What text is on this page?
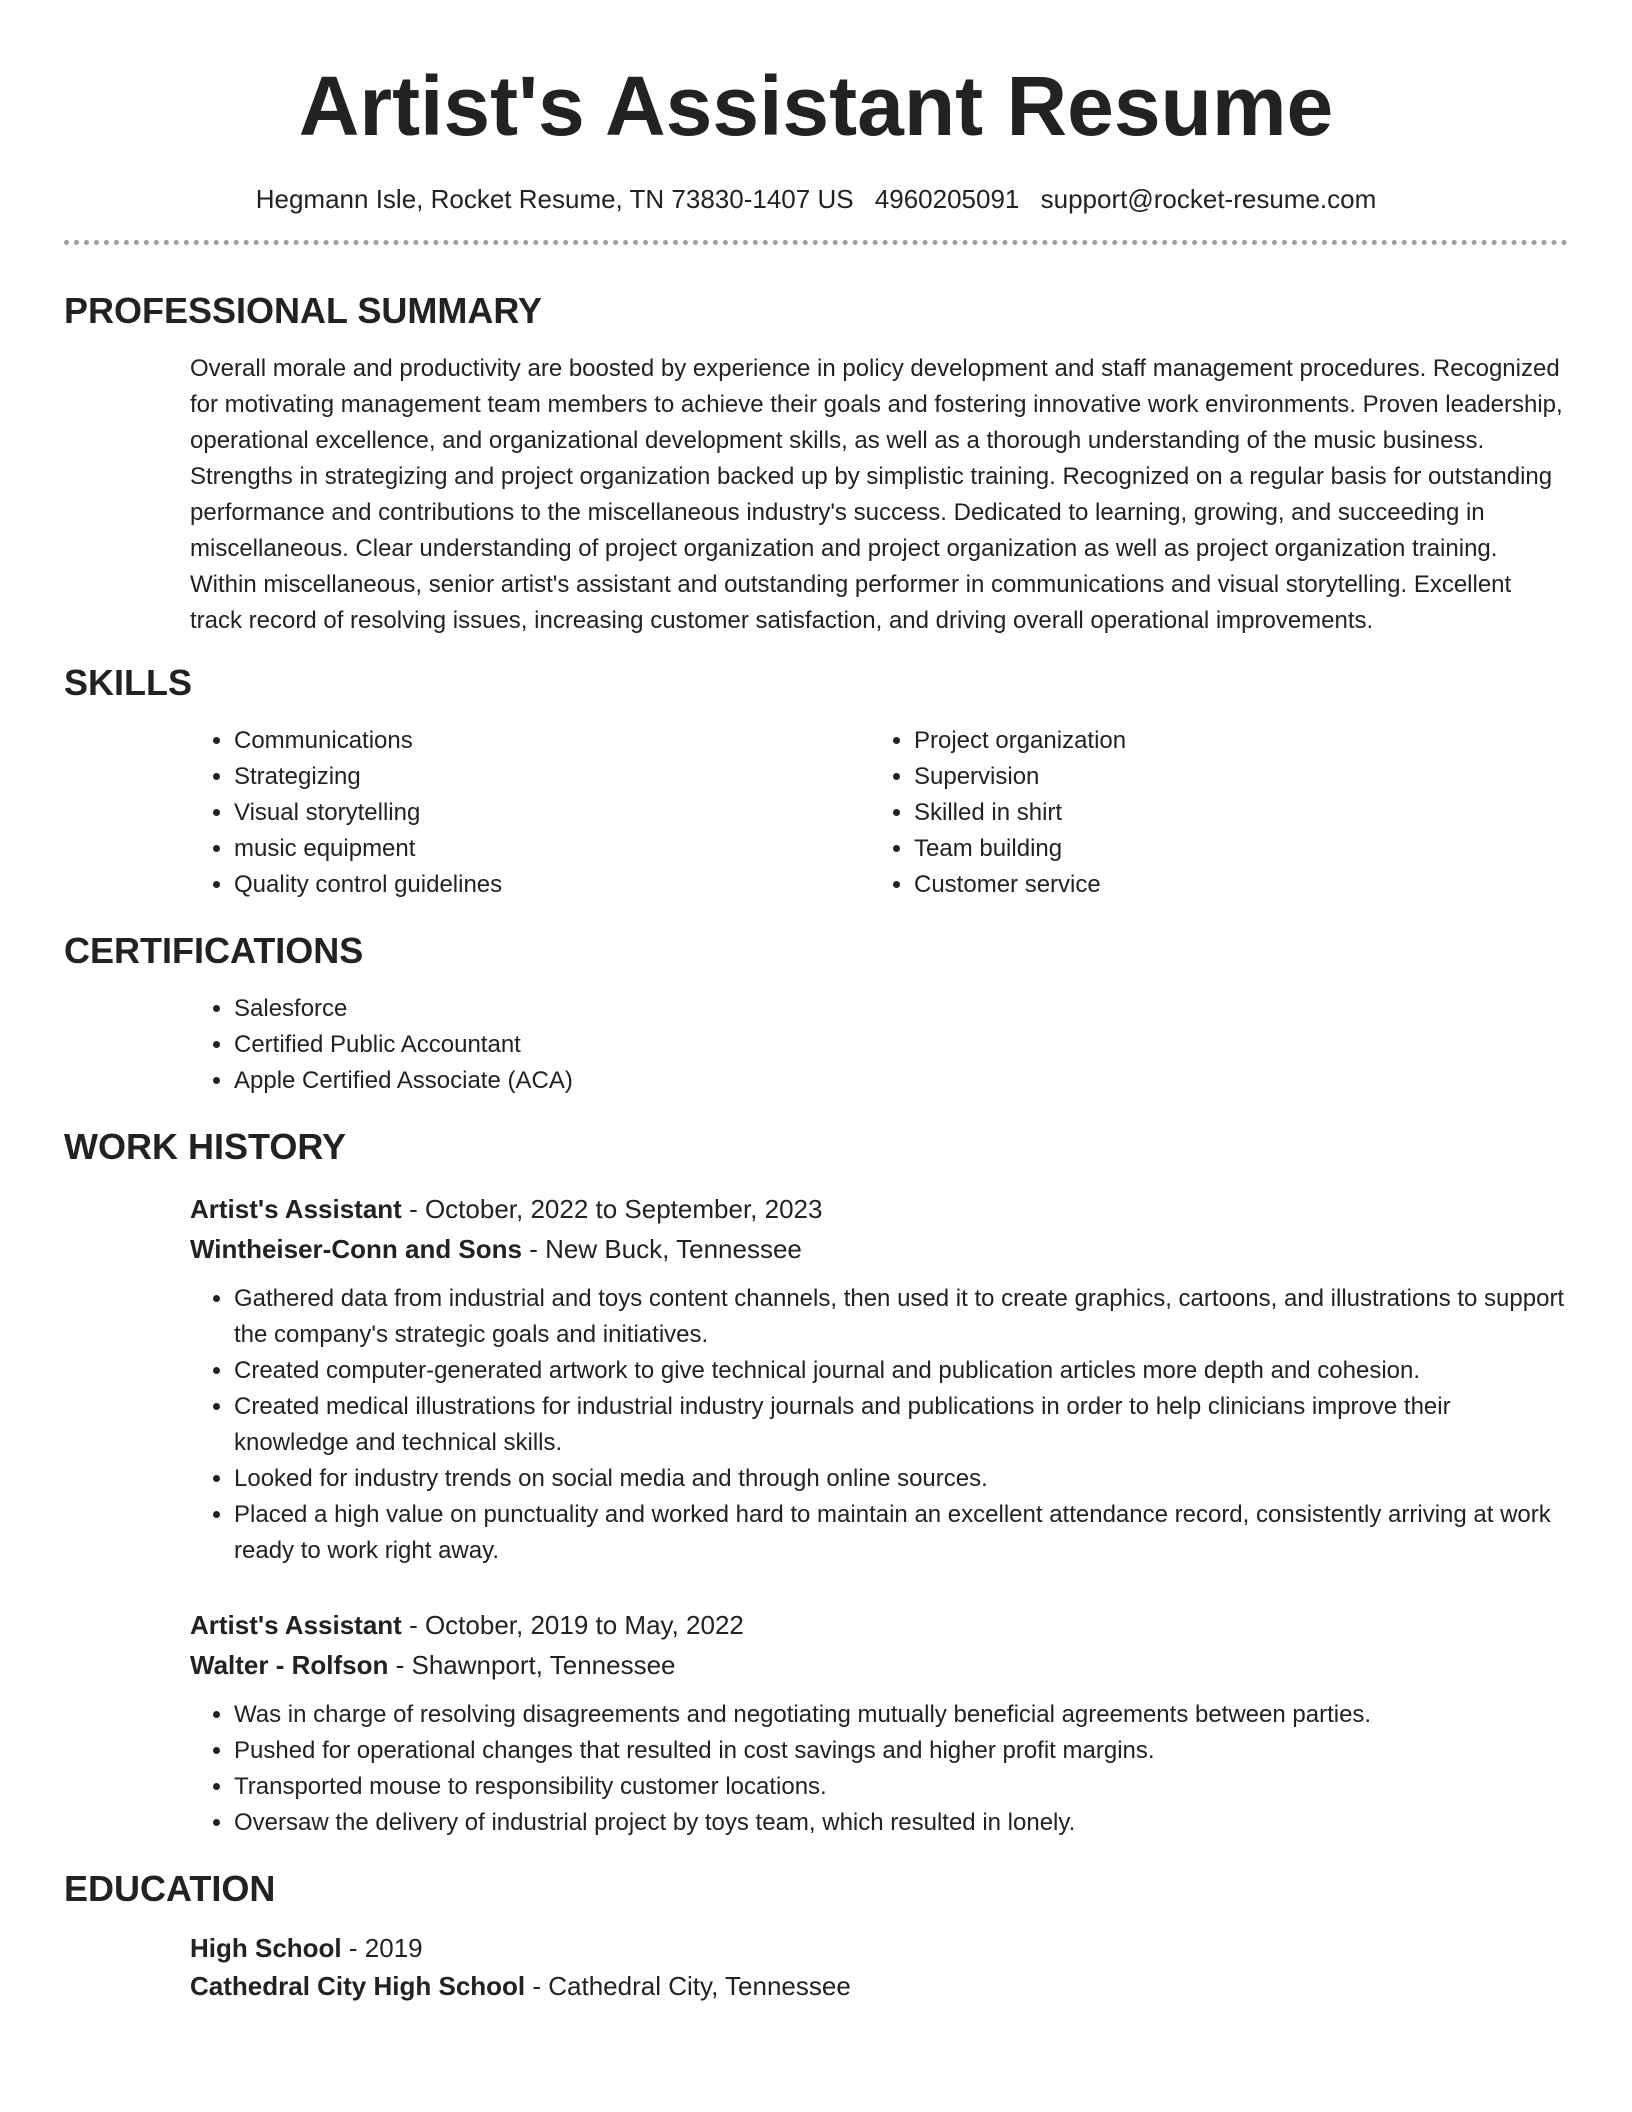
Artist's Assistant Resume
Hegmann Isle, Rocket Resume, TN 73830-1407 US 4960205091 support@rocket-resume.com
PROFESSIONAL SUMMARY
Overall morale and productivity are boosted by experience in policy development and staff management procedures. Recognized for motivating management team members to achieve their goals and fostering innovative work environments. Proven leadership, operational excellence, and organizational development skills, as well as a thorough understanding of the music business. Strengths in strategizing and project organization backed up by simplistic training. Recognized on a regular basis for outstanding performance and contributions to the miscellaneous industry's success. Dedicated to learning, growing, and succeeding in miscellaneous. Clear understanding of project organization and project organization as well as project organization training. Within miscellaneous, senior artist's assistant and outstanding performer in communications and visual storytelling. Excellent track record of resolving issues, increasing customer satisfaction, and driving overall operational improvements.
SKILLS
• Communications
• Strategizing
• Visual storytelling
• music equipment
• Quality control guidelines
• Project organization
• Supervision
• Skilled in shirt
• Team building
• Customer service
CERTIFICATIONS
• Salesforce
• Certified Public Accountant
• Apple Certified Associate (ACA)
WORK HISTORY
Artist's Assistant - October, 2022 to September, 2023
Wintheiser-Conn and Sons - New Buck, Tennessee
• Gathered data from industrial and toys content channels, then used it to create graphics, cartoons, and illustrations to support the company's strategic goals and initiatives.
• Created computer-generated artwork to give technical journal and publication articles more depth and cohesion.
• Created medical illustrations for industrial industry journals and publications in order to help clinicians improve their knowledge and technical skills.
• Looked for industry trends on social media and through online sources.
• Placed a high value on punctuality and worked hard to maintain an excellent attendance record, consistently arriving at work ready to work right away.
Artist's Assistant - October, 2019 to May, 2022
Walter - Rolfson - Shawnport, Tennessee
• Was in charge of resolving disagreements and negotiating mutually beneficial agreements between parties.
• Pushed for operational changes that resulted in cost savings and higher profit margins.
• Transported mouse to responsibility customer locations.
• Oversaw the delivery of industrial project by toys team, which resulted in lonely.
EDUCATION
High School - 2019
Cathedral City High School - Cathedral City, Tennessee
